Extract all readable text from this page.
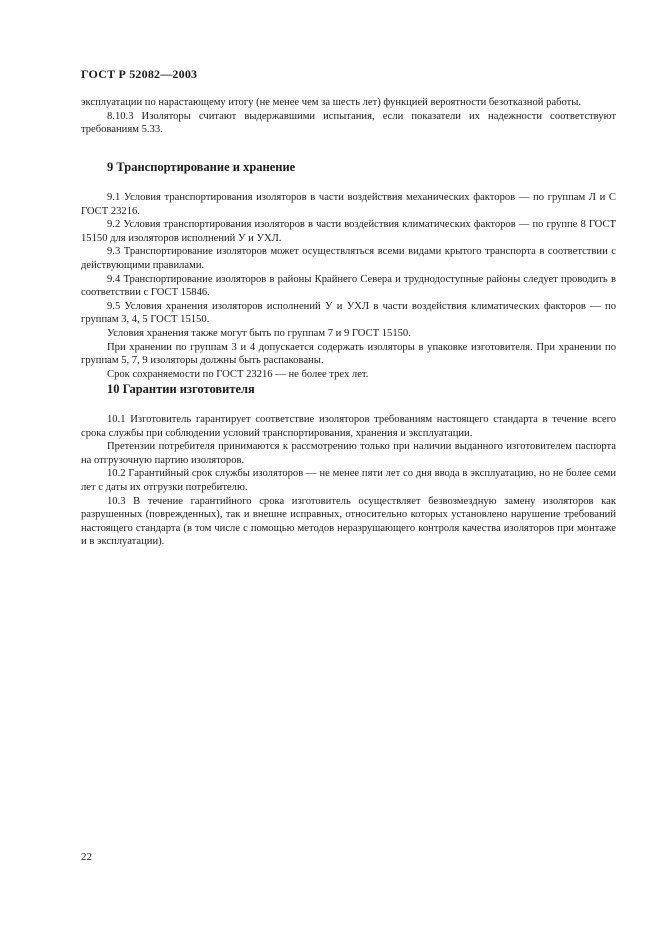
ГОСТ Р 52082—2003

эксплуатации по нарастающему итогу (не менее чем за шесть лет) функцией вероятности безотказной работы.

8.10.3 Изоляторы считают выдержавшими испытания, если показатели их надежности соответствуют требованиям 5.33.

9 Транспортирование и хранение

9.1 Условия транспортирования изоляторов в части воздействия механических факторов — по группам Л и С ГОСТ 23216.

9.2 Условия транспортирования изоляторов в части воздействия климатических факторов — по группе 8 ГОСТ 15150 для изоляторов исполнений У и УХЛ.

9.3 Транспортирование изоляторов может осуществляться всеми видами крытого транспорта в соответствии с действующими правилами.

9.4 Транспортирование изоляторов в районы Крайнего Севера и труднодоступные районы следует проводить в соответствии с ГОСТ 15846.

9.5 Условия хранения изоляторов исполнений У и УХЛ в части воздействия климатических факторов — по группам 3, 4, 5 ГОСТ 15150.

Условия хранения также могут быть по группам 7 и 9 ГОСТ 15150.

При хранении по группам 3 и 4 допускается содержать изоляторы в упаковке изготовителя. При хранении по группам 5, 7, 9 изоляторы должны быть распакованы.

Срок сохраняемости по ГОСТ 23216 — не более трех лет.

10 Гарантии изготовителя

10.1 Изготовитель гарантирует соответствие изоляторов требованиям настоящего стандарта в течение всего срока службы при соблюдении условий транспортирования, хранения и эксплуатации.

Претензии потребителя принимаются к рассмотрению только при наличии выданного изготовителем паспорта на отгрузочную партию изоляторов.

10.2 Гарантийный срок службы изоляторов — не менее пяти лет со дня ввода в эксплуатацию, но не более семи лет с даты их отгрузки потребителю.

10.3 В течение гарантийного срока изготовитель осуществляет безвозмездную замену изоляторов как разрушенных (поврежденных), так и внешне исправных, относительно которых установлено нарушение требований настоящего стандарта (в том числе с помощью методов неразрушающего контроля качества изоляторов при монтаже и в эксплуатации).

22
